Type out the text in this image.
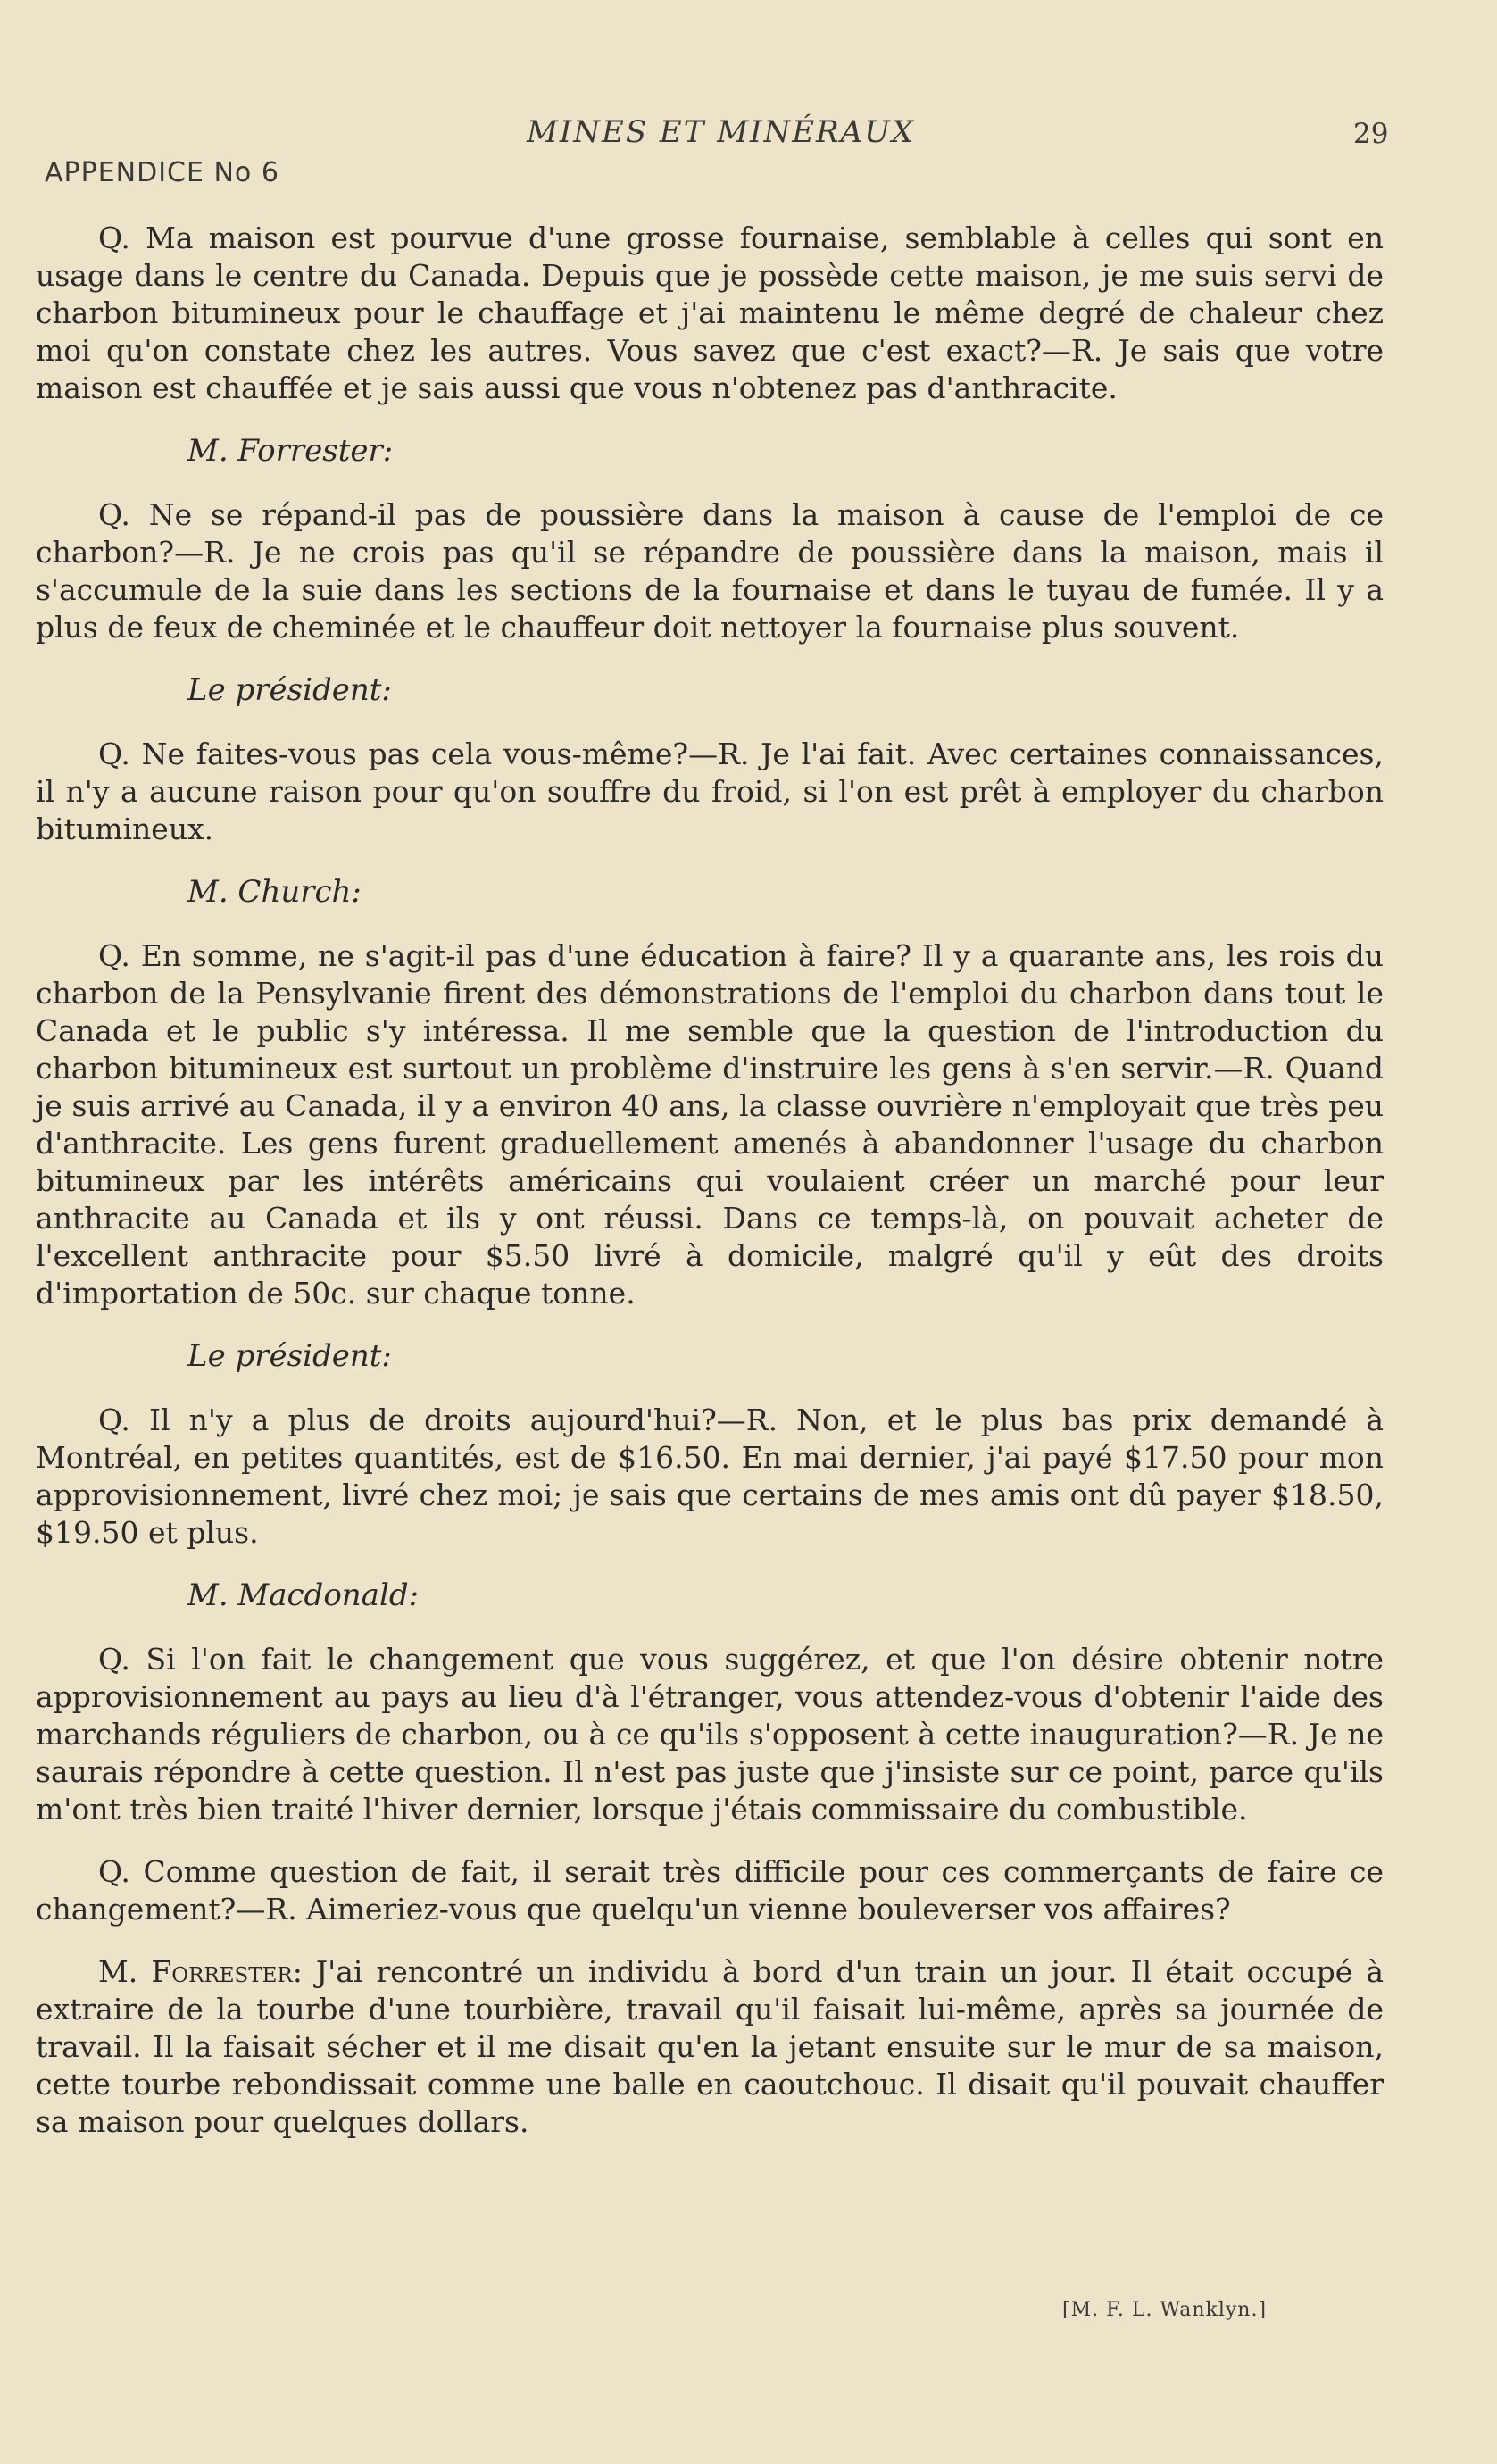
MINES ET MINÉRAUX	29
APPENDICE No 6

Q. Ma maison est pourvue d'une grosse fournaise, semblable à celles qui sont en usage dans le centre du Canada. Depuis que je possède cette maison, je me suis servi de charbon bitumineux pour le chauffage et j'ai maintenu le même degré de chaleur chez moi qu'on constate chez les autres. Vous savez que c'est exact?—R. Je sais que votre maison est chauffée et je sais aussi que vous n'obtenez pas d'anthracite.

M. Forrester:

Q. Ne se répand-il pas de poussière dans la maison à cause de l'emploi de ce charbon?—R. Je ne crois pas qu'il se répandre de poussière dans la maison, mais il s'accumule de la suie dans les sections de la fournaise et dans le tuyau de fumée. Il y a plus de feux de cheminée et le chauffeur doit nettoyer la fournaise plus souvent.

Le président:

Q. Ne faites-vous pas cela vous-même?—R. Je l'ai fait. Avec certaines connaissances, il n'y a aucune raison pour qu'on souffre du froid, si l'on est prêt à employer du charbon bitumineux.

M. Church:

Q. En somme, ne s'agit-il pas d'une éducation à faire? Il y a quarante ans, les rois du charbon de la Pensylvanie firent des démonstrations de l'emploi du charbon dans tout le Canada et le public s'y intéressa. Il me semble que la question de l'introduction du charbon bitumineux est surtout un problème d'instruire les gens à s'en servir.—R. Quand je suis arrivé au Canada, il y a environ 40 ans, la classe ouvrière n'employait que très peu d'anthracite. Les gens furent graduellement amenés à abandonner l'usage du charbon bitumineux par les intérêts américains qui voulaient créer un marché pour leur anthracite au Canada et ils y ont réussi. Dans ce temps-là, on pouvait acheter de l'excellent anthracite pour $5.50 livré à domicile, malgré qu'il y eût des droits d'importation de 50c. sur chaque tonne.

Le président:

Q. Il n'y a plus de droits aujourd'hui?—R. Non, et le plus bas prix demandé à Montréal, en petites quantités, est de $16.50. En mai dernier, j'ai payé $17.50 pour mon approvisionnement, livré chez moi; je sais que certains de mes amis ont dû payer $18.50, $19.50 et plus.

M. Macdonald:

Q. Si l'on fait le changement que vous suggérez, et que l'on désire obtenir notre approvisionnement au pays au lieu d'à l'étranger, vous attendez-vous d'obtenir l'aide des marchands réguliers de charbon, ou à ce qu'ils s'opposent à cette inauguration?—R. Je ne saurais répondre à cette question. Il n'est pas juste que j'insiste sur ce point, parce qu'ils m'ont très bien traité l'hiver dernier, lorsque j'étais commissaire du combustible.

Q. Comme question de fait, il serait très difficile pour ces commerçants de faire ce changement?—R. Aimeriez-vous que quelqu'un vienne bouleverser vos affaires?

M. Forrester: J'ai rencontré un individu à bord d'un train un jour. Il était occupé à extraire de la tourbe d'une tourbière, travail qu'il faisait lui-même, après sa journée de travail. Il la faisait sécher et il me disait qu'en la jetant ensuite sur le mur de sa maison, cette tourbe rebondissait comme une balle en caoutchouc. Il disait qu'il pouvait chauffer sa maison pour quelques dollars.

[M. F. L. Wanklyn.]
